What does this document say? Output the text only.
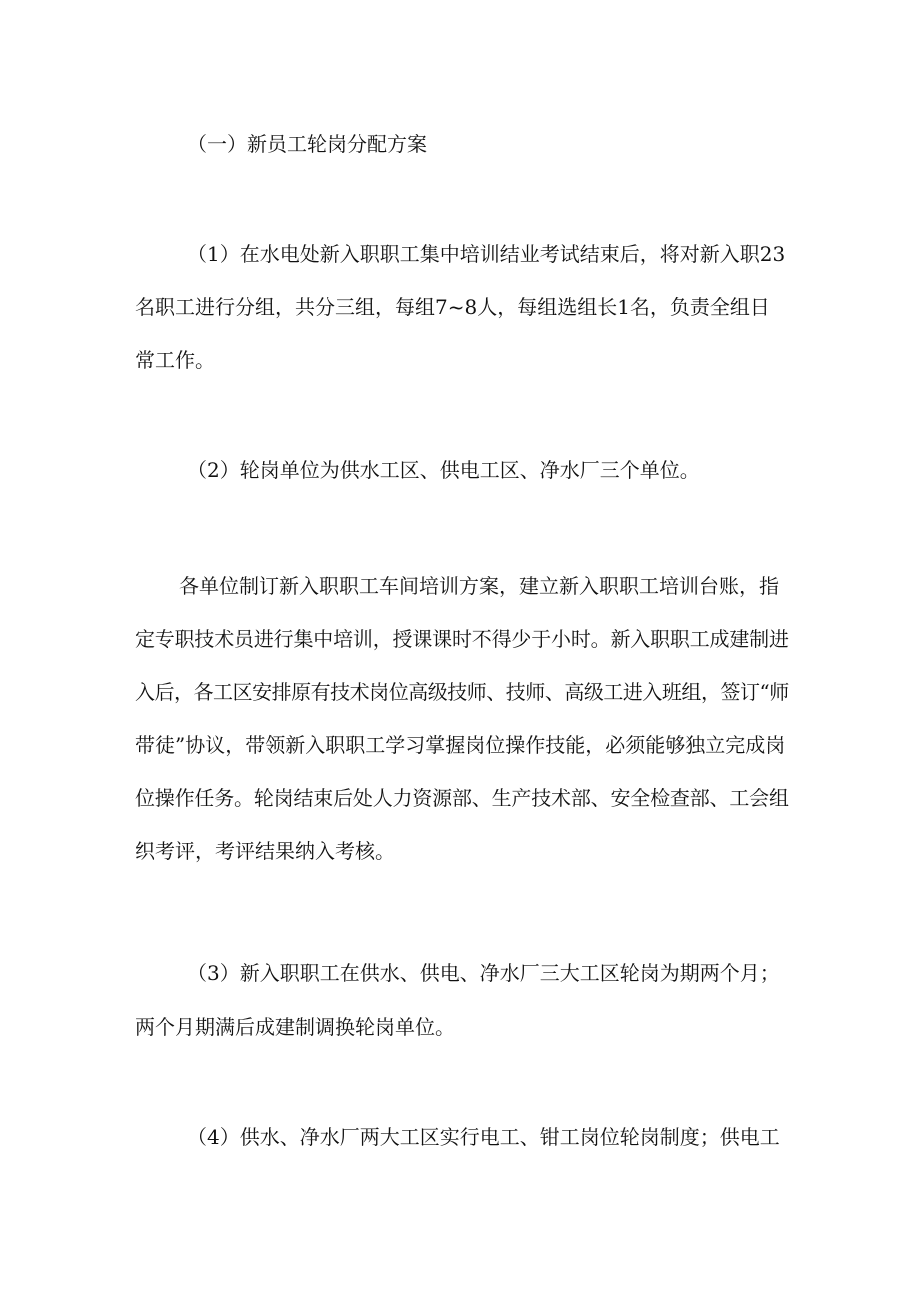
（一）新员工轮岗分配方案
（1）在水电处新入职职工集中培训结业考试结束后，将对新入职23
名职工进行分组，共分三组，每组7~8人，每组选组长1名，负责全组日
常工作。
（2）轮岗单位为供水工区、供电工区、净水厂三个单位。
各单位制订新入职职工车间培训方案，建立新入职职工培训台账，指
定专职技术员进行集中培训，授课课时不得少于小时。新入职职工成建制进
入后，各工区安排原有技术岗位高级技师、技师、高级工进入班组，签订“师
带徒”协议，带领新入职职工学习掌握岗位操作技能，必须能够独立完成岗
位操作任务。轮岗结束后处人力资源部、生产技术部、安全检查部、工会组
织考评，考评结果纳入考核。
（3）新入职职工在供水、供电、净水厂三大工区轮岗为期两个月；
两个月期满后成建制调换轮岗单位。
（4）供水、净水厂两大工区实行电工、钳工岗位轮岗制度；供电工
